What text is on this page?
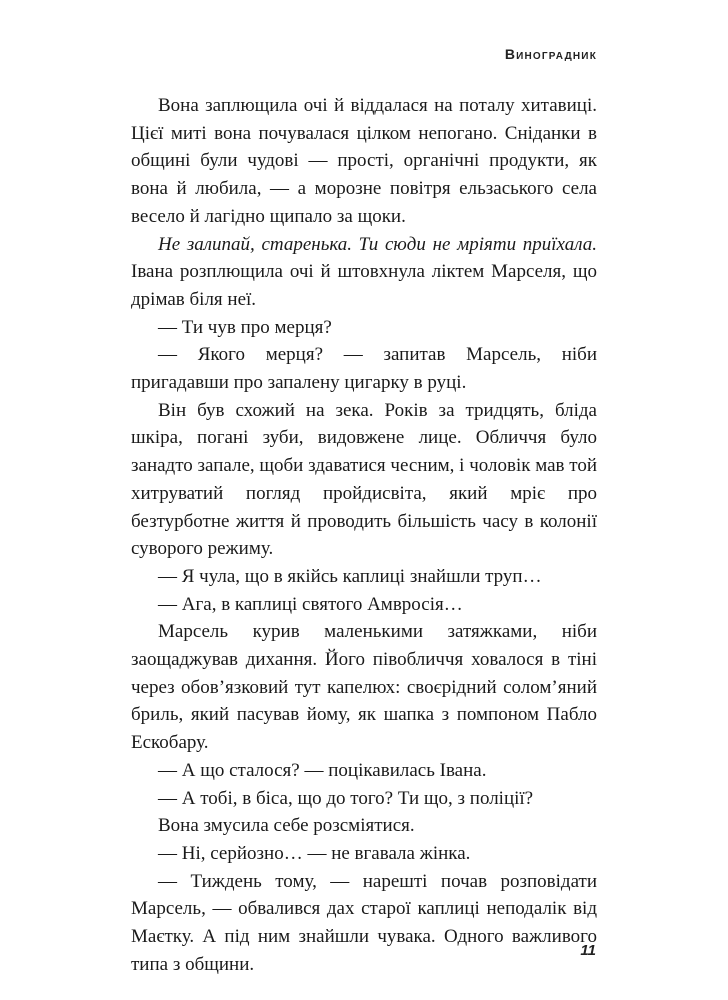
Виноградник

Вона заплющила очі й віддалася на поталу хитавиці. Цієї миті вона почувалася цілком непогано. Сніданки в общині були чудові — прості, органічні продукти, як вона й любила, — а морозне повітря ельзаського села весело й лагідно щипало за щоки.

Не залипай, старенька. Ти сюди не мріяти приїхала. Івана розплющила очі й штовхнула ліктем Марселя, що дрімав біля неї.

— Ти чув про мерця?

— Якого мерця? — запитав Марсель, ніби пригадавши про запалену цигарку в руці.

Він був схожий на зека. Років за тридцять, бліда шкіра, погані зуби, видовжене лице. Обличчя було занадто запале, щоби здаватися чесним, і чоловік мав той хитруватий погляд пройдисвіта, який мріє про безтурботне життя й проводить більшість часу в колонії суворого режиму.

— Я чула, що в якійсь каплиці знайшли труп…

— Ага, в каплиці святого Амвросія…

Марсель курив маленькими затяжками, ніби заощаджував дихання. Його півобличчя ховалося в тіні через обов’язковий тут капелюх: своєрідний солом’яний бриль, який пасував йому, як шапка з помпоном Пабло Ескобару.

— А що сталося? — поцікавилась Івана.

— А тобі, в біса, що до того? Ти що, з поліції?

Вона змусила себе розсміятися.

— Ні, серйозно… — не вгавала жінка.

— Тиждень тому, — нарешті почав розповідати Марсель, — обвалився дах старої каплиці неподалік від Маєтку. А під ним знайшли чувака. Одного важливого типа з общини.

11
